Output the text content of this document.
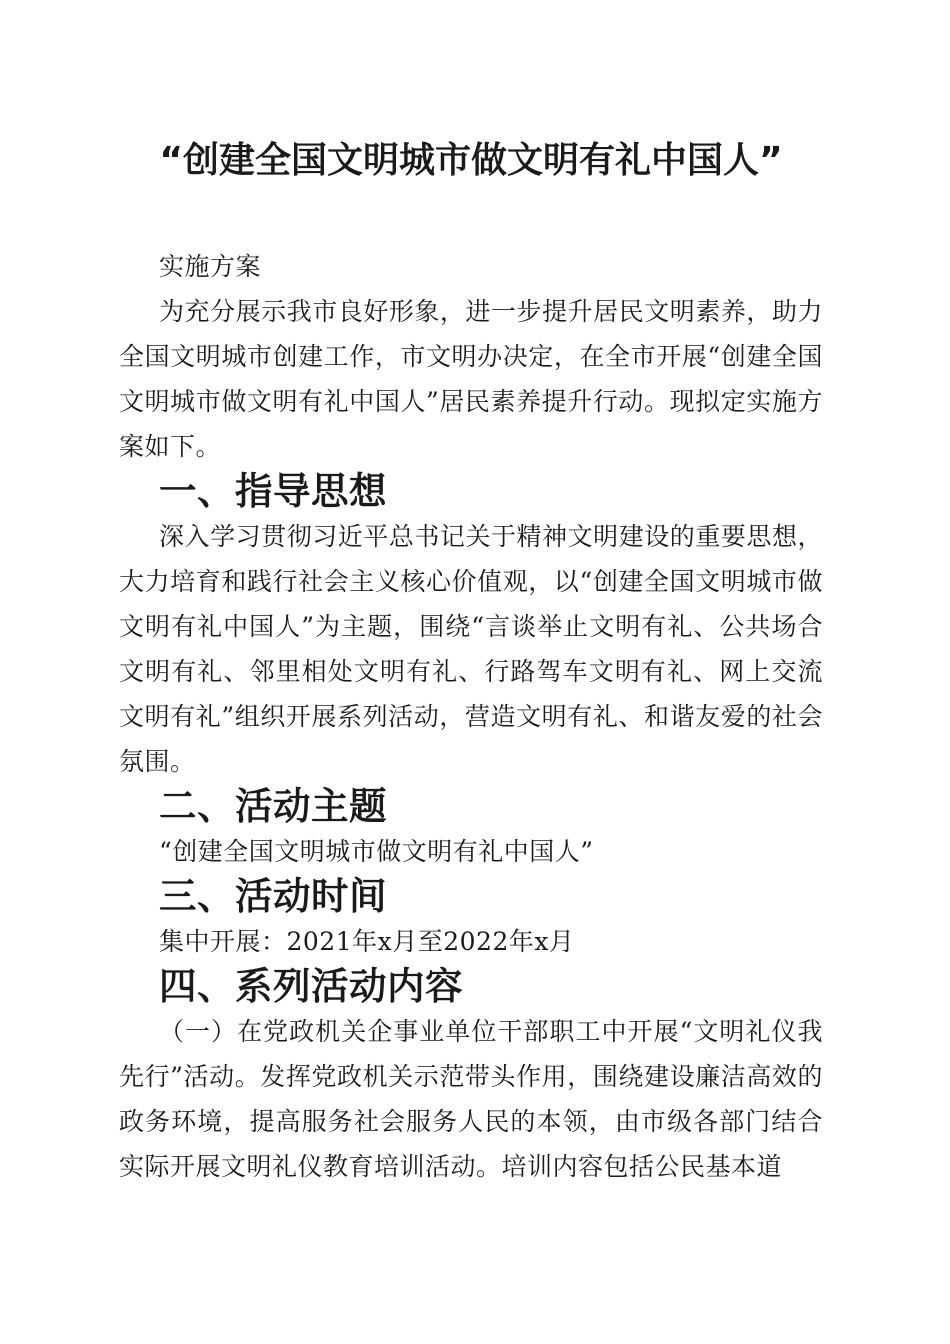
“创建全国文明城市做文明有礼中国人”

实施方案

为充分展示我市良好形象，进一步提升居民文明素养，助力全国文明城市创建工作，市文明办决定，在全市开展“创建全国文明城市做文明有礼中国人”居民素养提升行动。现拟定实施方案如下。

一、指导思想

深入学习贯彻习近平总书记关于精神文明建设的重要思想，大力培育和践行社会主义核心价值观，以“创建全国文明城市做文明有礼中国人”为主题，围绕“言谈举止文明有礼、公共场合文明有礼、邻里相处文明有礼、行路驾车文明有礼、网上交流文明有礼”组织开展系列活动，营造文明有礼、和谐友爱的社会氛围。

二、活动主题

“创建全国文明城市做文明有礼中国人”

三、活动时间

集中开展：2021年x月至2022年x月

四、系列活动内容

（一）在党政机关企事业单位干部职工中开展“文明礼仪我先行”活动。发挥党政机关示范带头作用，围绕建设廉洁高效的政务环境，提高服务社会服务人民的本领，由市级各部门结合实际开展文明礼仪教育培训活动。培训内容包括公民基本道
